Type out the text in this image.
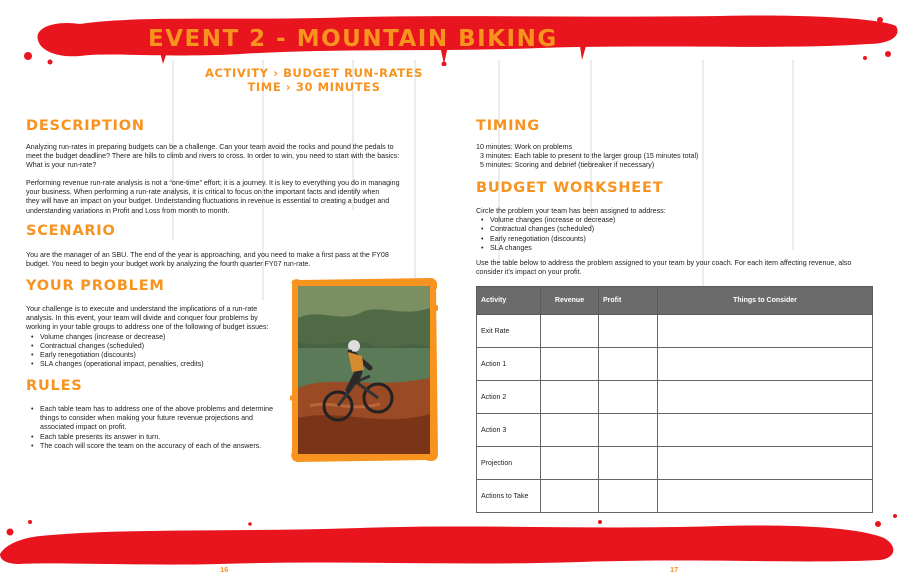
EVENT 2 - MOUNTAIN BIKING
ACTIVITY › BUDGET RUN-RATES
TIME › 30 MINUTES
DESCRIPTION
Analyzing run-rates in preparing budgets can be a challenge. Can your team avoid the rocks and pound the pedals to
meet the budget deadline? There are hills to climb and rivers to cross. In order to win, you need to start with the basics:
What is your run-rate?
Performing revenue run-rate analysis is not a “one-time” effort; it is a journey. It is key to everything you do in managing
your business. When performing a run-rate analysis, it is critical to focus on the important facts and identify when
they will have an impact on your budget. Understanding fluctuations in revenue is essential to creating a budget and
understanding variations in Profit and Loss from month to month.
SCENARIO
You are the manager of an SBU. The end of the year is approaching, and you need to make a first pass at the FY08
budget. You need to begin your budget work by analyzing the fourth quarter FY07 run-rate.
YOUR PROBLEM
Your challenge is to execute and understand the implications of a run-rate
analysis. In this event, your team will divide and conquer four problems by
working in your table groups to address one of the following of budget issues:
• Volume changes (increase or decrease)
• Contractual changes (scheduled)
• Early renegotiation (discounts)
• SLA changes (operational impact, penalties, credits)
RULES
• Each table team has to address one of the above problems and determine
things to consider when making your future revenue projections and
associated impact on profit.
• Each table presents its answer in turn.
• The coach will score the team on the accuracy of each of the answers.
16
TIMING
10 minutes: Work on problems
3 minutes: Each table to present to the larger group (15 minutes total)
5 minutes: Scoring and debrief (tiebreaker if necessary)
BUDGET WORKSHEET
Circle the problem your team has been assigned to address:
• Volume changes (increase or decrease)
• Contractual changes (scheduled)
• Early renegotiation (discounts)
• SLA changes
Use the table below to address the problem assigned to your team by your coach. For each item affecting revenue, also
consider it’s impact on your profit.
Activity	Revenue	Profit	Things to Consider
Exit Rate			
Action 1			
Action 2			
Action 3			
Projection			
Actions to Take			
17
